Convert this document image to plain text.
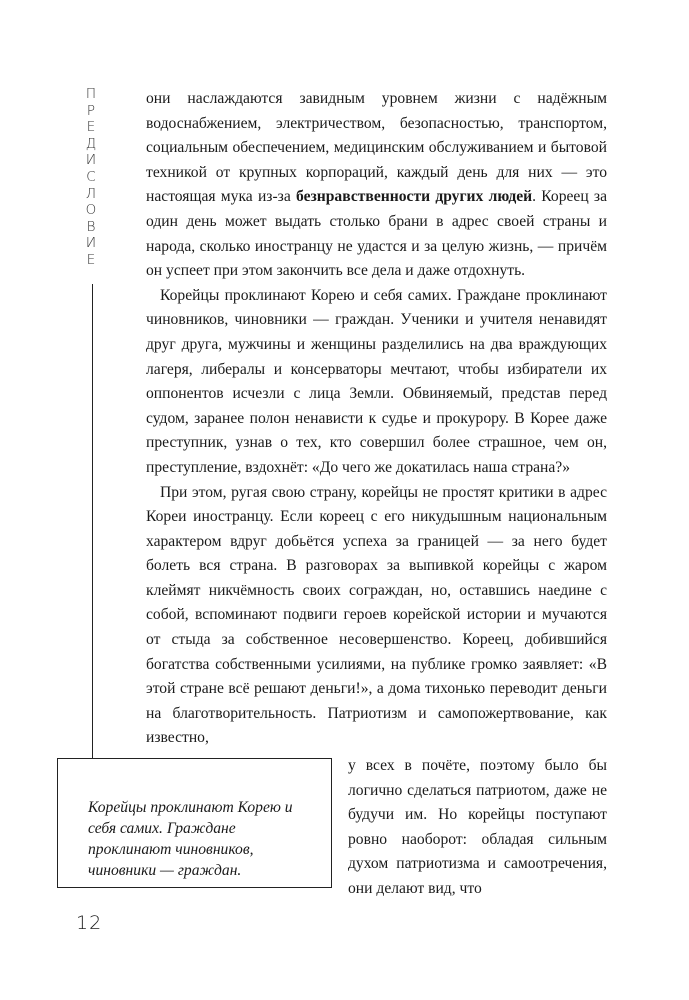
П
Р
Е
Д
И
С
Л
О
В
И
Е

они наслаждаются завидным уровнем жизни с надёжным водоснабжением, электричеством, безопасностью, транспортом, социальным обеспечением, медицинским обслуживанием и бытовой техникой от крупных корпораций, каждый день для них — это настоящая мука из-за безнравственности других людей. Кореец за один день может выдать столько брани в адрес своей страны и народа, сколько иностранцу не удастся и за целую жизнь, — причём он успеет при этом закончить все дела и даже отдохнуть.

Корейцы проклинают Корею и себя самих. Граждане проклинают чиновников, чиновники — граждан. Ученики и учителя ненавидят друг друга, мужчины и женщины разделились на два враждующих лагеря, либералы и консерваторы мечтают, чтобы избиратели их оппонентов исчезли с лица Земли. Обвиняемый, представ перед судом, заранее полон ненависти к судье и прокурору. В Корее даже преступник, узнав о тех, кто совершил более страшное, чем он, преступление, вздохнёт: «До чего же докатилась наша страна?»

При этом, ругая свою страну, корейцы не простят критики в адрес Кореи иностранцу. Если кореец с его никудышным национальным характером вдруг добьётся успеха за границей — за него будет болеть вся страна. В разговорах за выпивкой корейцы с жаром клеймят никчёмность своих сограждан, но, оставшись наедине с собой, вспоминают подвиги героев корейской истории и мучаются от стыда за собственное несовершенство. Кореец, добившийся богатства собственными усилиями, на публике громко заявляет: «В этой стране всё решают деньги!», а дома тихонько переводит деньги на благотворительность. Патриотизм и самопожертвование, как известно,

у всех в почёте, поэтому было бы логично сделаться патриотом, даже не будучи им. Но корейцы поступают ровно наоборот: обладая сильным духом патриотизма и самоотречения, они делают вид, что
Корейцы проклинают Корею и себя самих. Граждане проклинают чиновников, чиновники — граждан.
12
